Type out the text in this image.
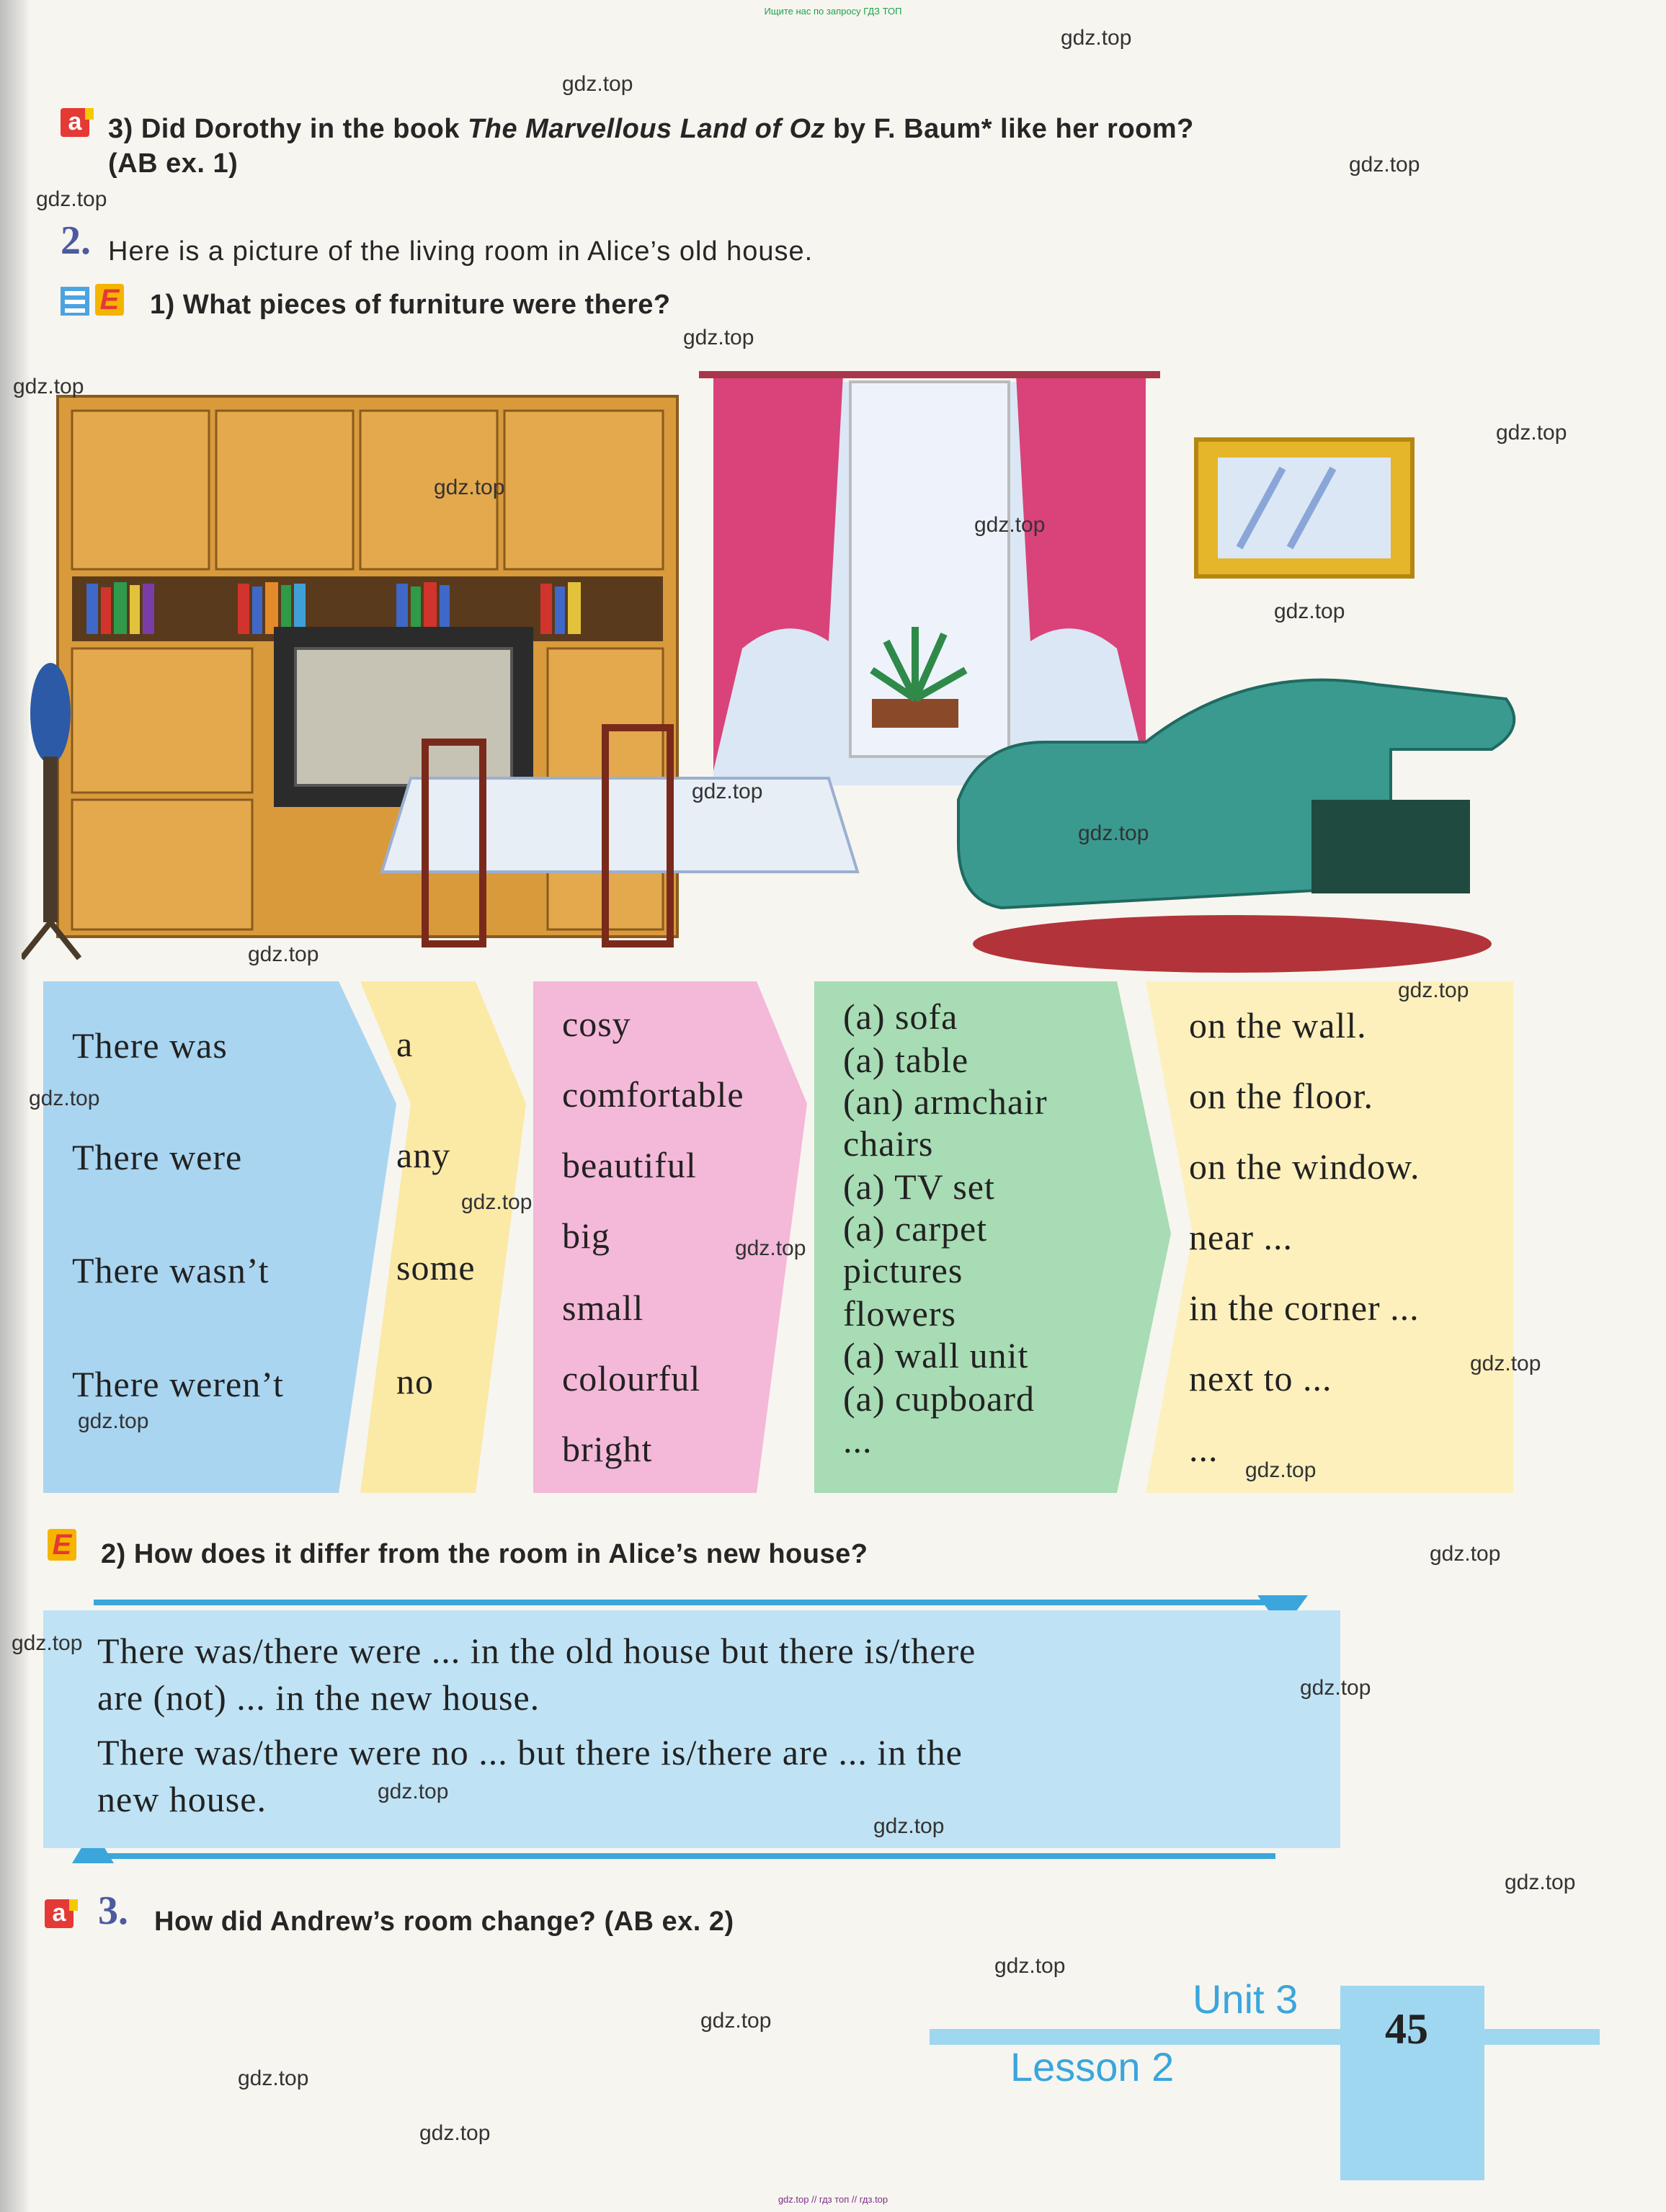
Ищите нас по запросу ГДЗ ТОП
a 3) Did Dorothy in the book The Marvellous Land of Oz by F. Baum* like her room?
(AB ex. 1)
2. Here is a picture of the living room in Alice’s old house.
E 1) What pieces of furniture were there?
There was
There were
There wasn’t
There weren’t
a
any
some
no
cosy
comfortable
beautiful
big
small
colourful
bright
(a) sofa
(a) table
(an) armchair
chairs
(a) TV set
(a) carpet
pictures
flowers
(a) wall unit
(a) cupboard
...
on the wall.
on the floor.
on the window.
near ...
in the corner ...
next to ...
...
E 2) How does it differ from the room in Alice’s new house?
There was/there were ... in the old house but there is/there
are (not) ... in the new house.
There was/there were no ... but there is/there are ... in the
new house.
a 3. How did Andrew’s room change? (AB ex. 2)
Unit 3
Lesson 2
45
gdz.top
gdz.top
gdz.top
gdz.top
gdz.top
gdz.top
gdz.top
gdz.top
gdz.top
gdz.top
gdz.top
gdz.top
gdz.top
gdz.top
gdz.top
gdz.top
gdz.top
gdz.top
gdz.top
gdz.top
gdz.top
gdz.top
gdz.top
gdz.top
gdz.top
gdz.top
gdz.top
gdz.top
gdz.top
gdz.top
gdz.top // гдз топ // гдз.top
